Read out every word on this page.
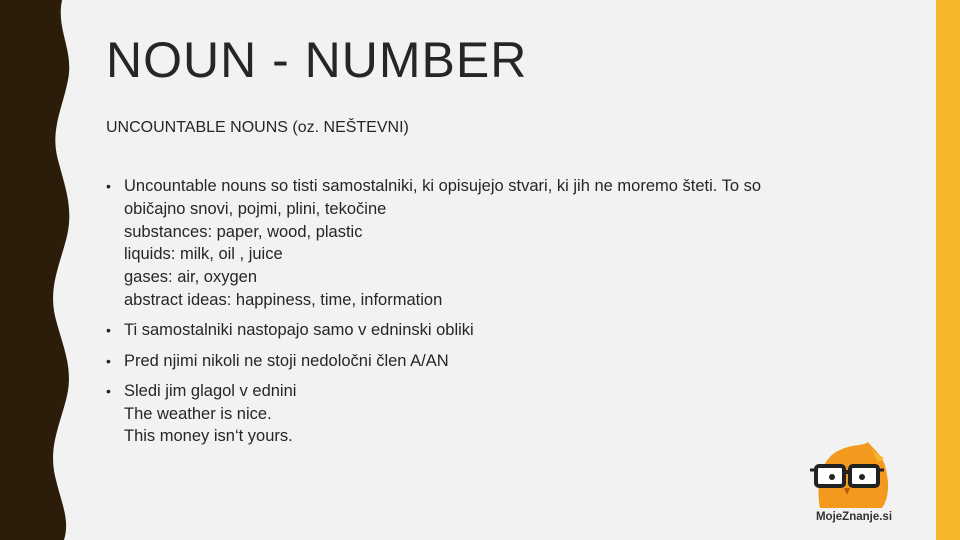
NOUN - NUMBER

UNCOUNTABLE NOUNS (oz. NEŠTEVNI)

• Uncountable nouns so tisti samostalniki, ki opisujejo stvari, ki jih ne moremo šteti. To so
običajno snovi, pojmi, plini, tekočine
substances: paper, wood, plastic
liquids: milk, oil , juice
gases: air, oxygen
abstract ideas: happiness, time, information
• Ti samostalniki nastopajo samo v edninski obliki
• Pred njimi nikoli ne stoji nedoločni člen A/AN
• Sledi jim glagol v ednini
The weather is nice.
This money isn‘t yours.
MojeZnanje.si
